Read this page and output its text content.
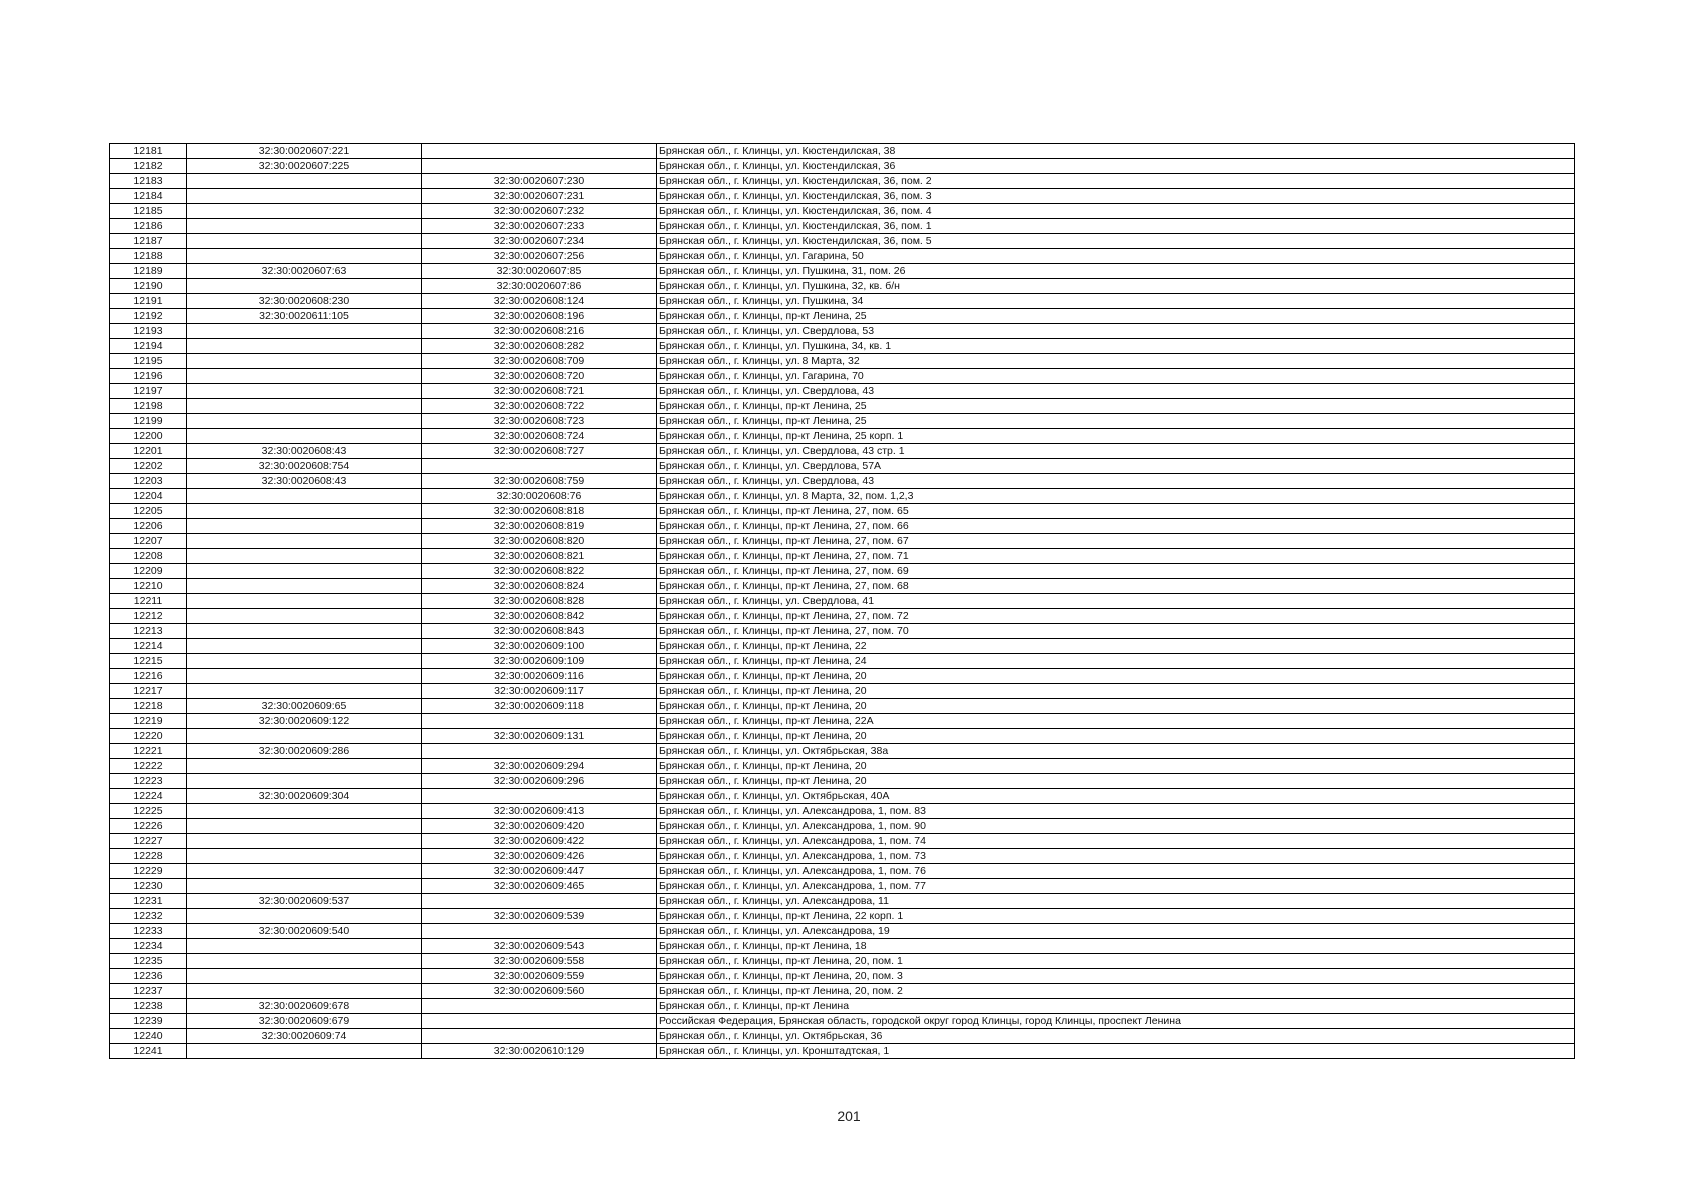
12181	32:30:0020607:221		Брянская обл., г. Клинцы, ул. Кюстендилская, 38
12182	32:30:0020607:225		Брянская обл., г. Клинцы, ул. Кюстендилская, 36
12183		32:30:0020607:230	Брянская обл., г. Клинцы, ул. Кюстендилская, 36, пом. 2
12184		32:30:0020607:231	Брянская обл., г. Клинцы, ул. Кюстендилская, 36, пом. 3
12185		32:30:0020607:232	Брянская обл., г. Клинцы, ул. Кюстендилская, 36, пом. 4
12186		32:30:0020607:233	Брянская обл., г. Клинцы, ул. Кюстендилская, 36, пом. 1
12187		32:30:0020607:234	Брянская обл., г. Клинцы, ул. Кюстендилская, 36, пом. 5
12188		32:30:0020607:256	Брянская обл., г. Клинцы, ул. Гагарина, 50
12189	32:30:0020607:63	32:30:0020607:85	Брянская обл., г. Клинцы, ул. Пушкина, 31, пом. 26
12190		32:30:0020607:86	Брянская обл., г. Клинцы, ул. Пушкина, 32, кв. б/н
12191	32:30:0020608:230	32:30:0020608:124	Брянская обл., г. Клинцы, ул. Пушкина, 34
12192	32:30:0020611:105	32:30:0020608:196	Брянская обл., г. Клинцы, пр-кт Ленина, 25
12193		32:30:0020608:216	Брянская обл., г. Клинцы, ул. Свердлова, 53
12194		32:30:0020608:282	Брянская обл., г. Клинцы, ул. Пушкина, 34, кв. 1
12195		32:30:0020608:709	Брянская обл., г. Клинцы, ул. 8 Марта, 32
12196		32:30:0020608:720	Брянская обл., г. Клинцы, ул. Гагарина, 70
12197		32:30:0020608:721	Брянская обл., г. Клинцы, ул. Свердлова, 43
12198		32:30:0020608:722	Брянская обл., г. Клинцы, пр-кт Ленина, 25
12199		32:30:0020608:723	Брянская обл., г. Клинцы, пр-кт Ленина, 25
12200		32:30:0020608:724	Брянская обл., г. Клинцы, пр-кт Ленина, 25 корп. 1
12201	32:30:0020608:43	32:30:0020608:727	Брянская обл., г. Клинцы, ул. Свердлова, 43 стр. 1
12202	32:30:0020608:754		Брянская обл., г. Клинцы, ул. Свердлова, 57А
12203	32:30:0020608:43	32:30:0020608:759	Брянская обл., г. Клинцы, ул. Свердлова, 43
12204		32:30:0020608:76	Брянская обл., г. Клинцы, ул. 8 Марта, 32, пом. 1,2,3
12205		32:30:0020608:818	Брянская обл., г. Клинцы, пр-кт Ленина, 27, пом. 65
12206		32:30:0020608:819	Брянская обл., г. Клинцы, пр-кт Ленина, 27, пом. 66
12207		32:30:0020608:820	Брянская обл., г. Клинцы, пр-кт Ленина, 27, пом. 67
12208		32:30:0020608:821	Брянская обл., г. Клинцы, пр-кт Ленина, 27, пом. 71
12209		32:30:0020608:822	Брянская обл., г. Клинцы, пр-кт Ленина, 27, пом. 69
12210		32:30:0020608:824	Брянская обл., г. Клинцы, пр-кт Ленина, 27, пом. 68
12211		32:30:0020608:828	Брянская обл., г. Клинцы, ул. Свердлова, 41
12212		32:30:0020608:842	Брянская обл., г. Клинцы, пр-кт Ленина, 27, пом. 72
12213		32:30:0020608:843	Брянская обл., г. Клинцы, пр-кт Ленина, 27, пом. 70
12214		32:30:0020609:100	Брянская обл., г. Клинцы, пр-кт Ленина, 22
12215		32:30:0020609:109	Брянская обл., г. Клинцы, пр-кт Ленина, 24
12216		32:30:0020609:116	Брянская обл., г. Клинцы, пр-кт Ленина, 20
12217		32:30:0020609:117	Брянская обл., г. Клинцы, пр-кт Ленина, 20
12218	32:30:0020609:65	32:30:0020609:118	Брянская обл., г. Клинцы, пр-кт Ленина, 20
12219	32:30:0020609:122		Брянская обл., г. Клинцы, пр-кт Ленина, 22А
12220		32:30:0020609:131	Брянская обл., г. Клинцы, пр-кт Ленина, 20
12221	32:30:0020609:286		Брянская обл., г. Клинцы, ул. Октябрьская, 38а
12222		32:30:0020609:294	Брянская обл., г. Клинцы, пр-кт Ленина, 20
12223		32:30:0020609:296	Брянская обл., г. Клинцы, пр-кт Ленина, 20
12224	32:30:0020609:304		Брянская обл., г. Клинцы, ул. Октябрьская, 40А
12225		32:30:0020609:413	Брянская обл., г. Клинцы, ул. Александрова, 1, пом. 83
12226		32:30:0020609:420	Брянская обл., г. Клинцы, ул. Александрова, 1, пом. 90
12227		32:30:0020609:422	Брянская обл., г. Клинцы, ул. Александрова, 1, пом. 74
12228		32:30:0020609:426	Брянская обл., г. Клинцы, ул. Александрова, 1, пом. 73
12229		32:30:0020609:447	Брянская обл., г. Клинцы, ул. Александрова, 1, пом. 76
12230		32:30:0020609:465	Брянская обл., г. Клинцы, ул. Александрова, 1, пом. 77
12231	32:30:0020609:537		Брянская обл., г. Клинцы, ул. Александрова, 11
12232		32:30:0020609:539	Брянская обл., г. Клинцы, пр-кт Ленина, 22 корп. 1
12233	32:30:0020609:540		Брянская обл., г. Клинцы, ул. Александрова, 19
12234		32:30:0020609:543	Брянская обл., г. Клинцы, пр-кт Ленина, 18
12235		32:30:0020609:558	Брянская обл., г. Клинцы, пр-кт Ленина, 20, пом. 1
12236		32:30:0020609:559	Брянская обл., г. Клинцы, пр-кт Ленина, 20, пом. 3
12237		32:30:0020609:560	Брянская обл., г. Клинцы, пр-кт Ленина, 20, пом. 2
12238	32:30:0020609:678		Брянская обл., г. Клинцы, пр-кт Ленина
12239	32:30:0020609:679		Российская Федерация, Брянская область, городской округ город Клинцы, город Клинцы, проспект Ленина
12240	32:30:0020609:74		Брянская обл., г. Клинцы, ул. Октябрьская, 36
12241		32:30:0020610:129	Брянская обл., г. Клинцы, ул. Кронштадтская, 1
201
